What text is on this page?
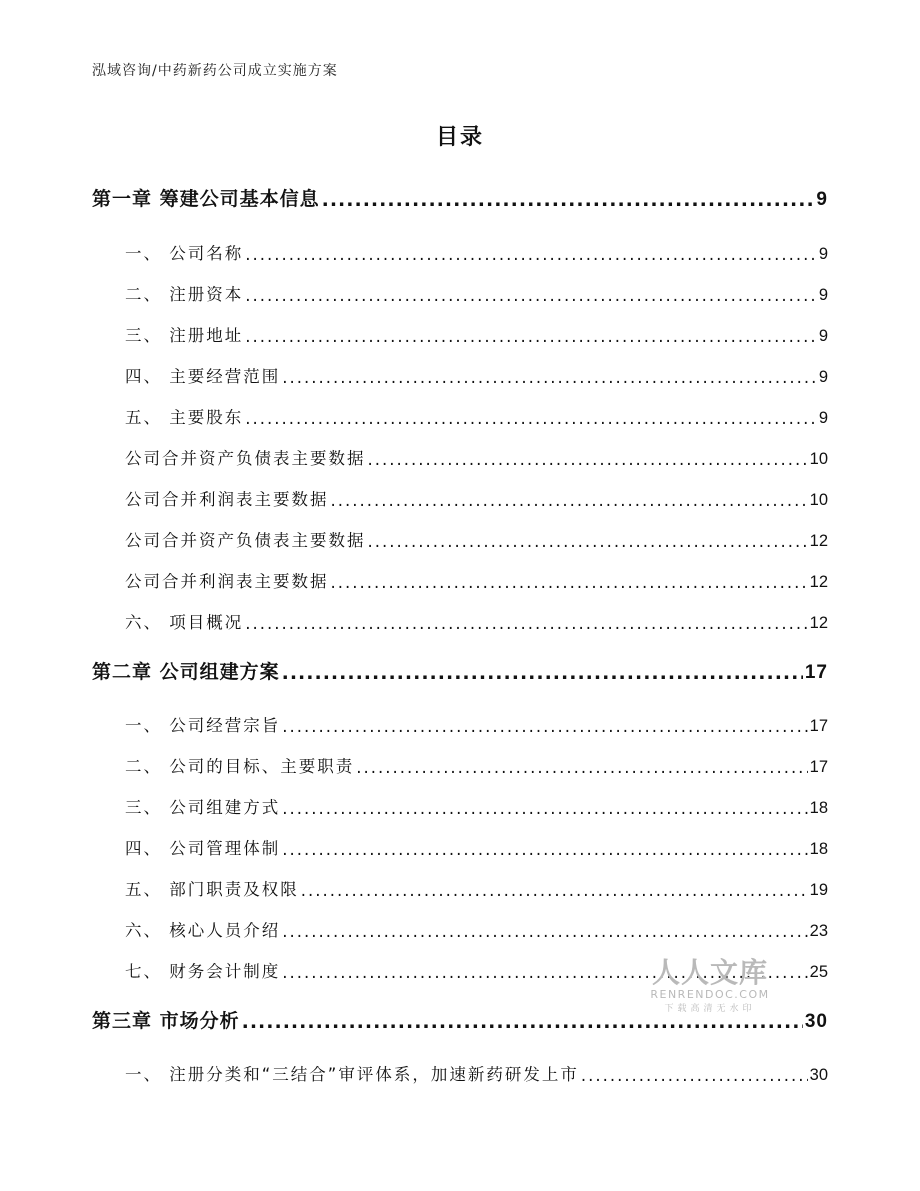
泓域咨询/中药新药公司成立实施方案
目录
第一章 筹建公司基本信息 .....	9
一、 公司名称 .....	9
二、 注册资本 .....	9
三、 注册地址 .....	9
四、 主要经营范围 .....	9
五、 主要股东 .....	9
公司合并资产负债表主要数据 .....	10
公司合并利润表主要数据 .....	10
公司合并资产负债表主要数据 .....	12
公司合并利润表主要数据 .....	12
六、 项目概况 .....	12
第二章 公司组建方案 .....	17
一、 公司经营宗旨 .....	17
二、 公司的目标、主要职责 .....	17
三、 公司组建方式 .....	18
四、 公司管理体制 .....	18
五、 部门职责及权限 .....	19
六、 核心人员介绍 .....	23
七、 财务会计制度 .....	25
第三章 市场分析 .....	30
一、 注册分类和“三结合”审评体系，加速新药研发上市 .....	30
人人文库
RENRENDOC.COM
下载高清无水印
